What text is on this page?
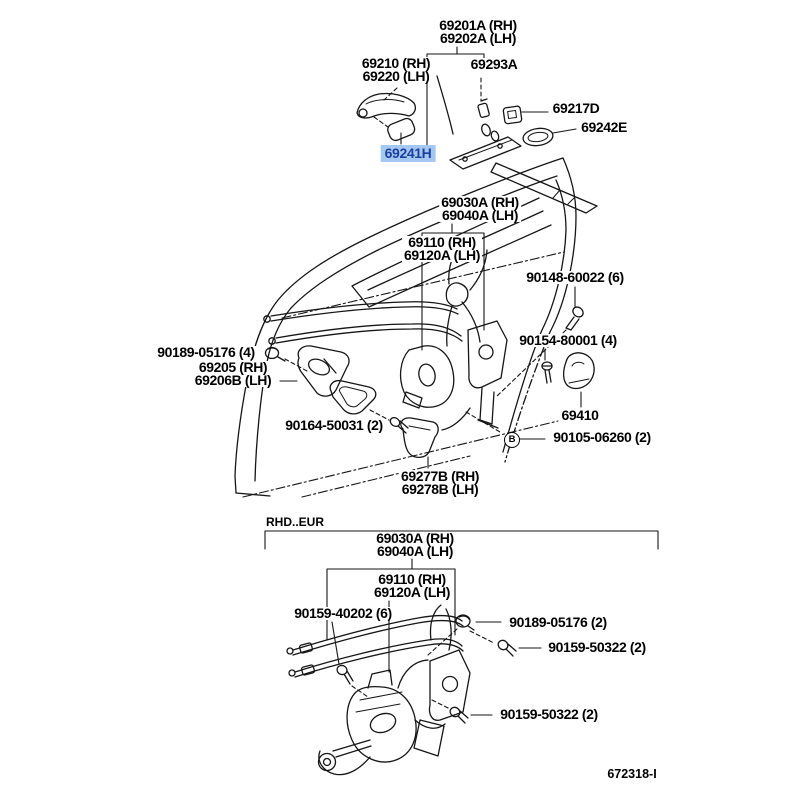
69201A (RH)
69202A (LH)
69210 (RH)
69220 (LH)
69293A
69217D
69242E
69241H
69030A (RH)
69040A (LH)
69110 (RH)
69120A (LH)
90148-60022 (6)
90154-80001 (4)
90189-05176 (4)
69205 (RH)
69206B (LH)
90164-50031 (2)
69410
B	90105-06260 (2)
69277B (RH)
69278B (LH)
RHD..EUR
69030A (RH)
69040A (LH)
69110 (RH)
69120A (LH)
90159-40202 (6)
90189-05176 (2)
90159-50322 (2)
90159-50322 (2)
672318-I
